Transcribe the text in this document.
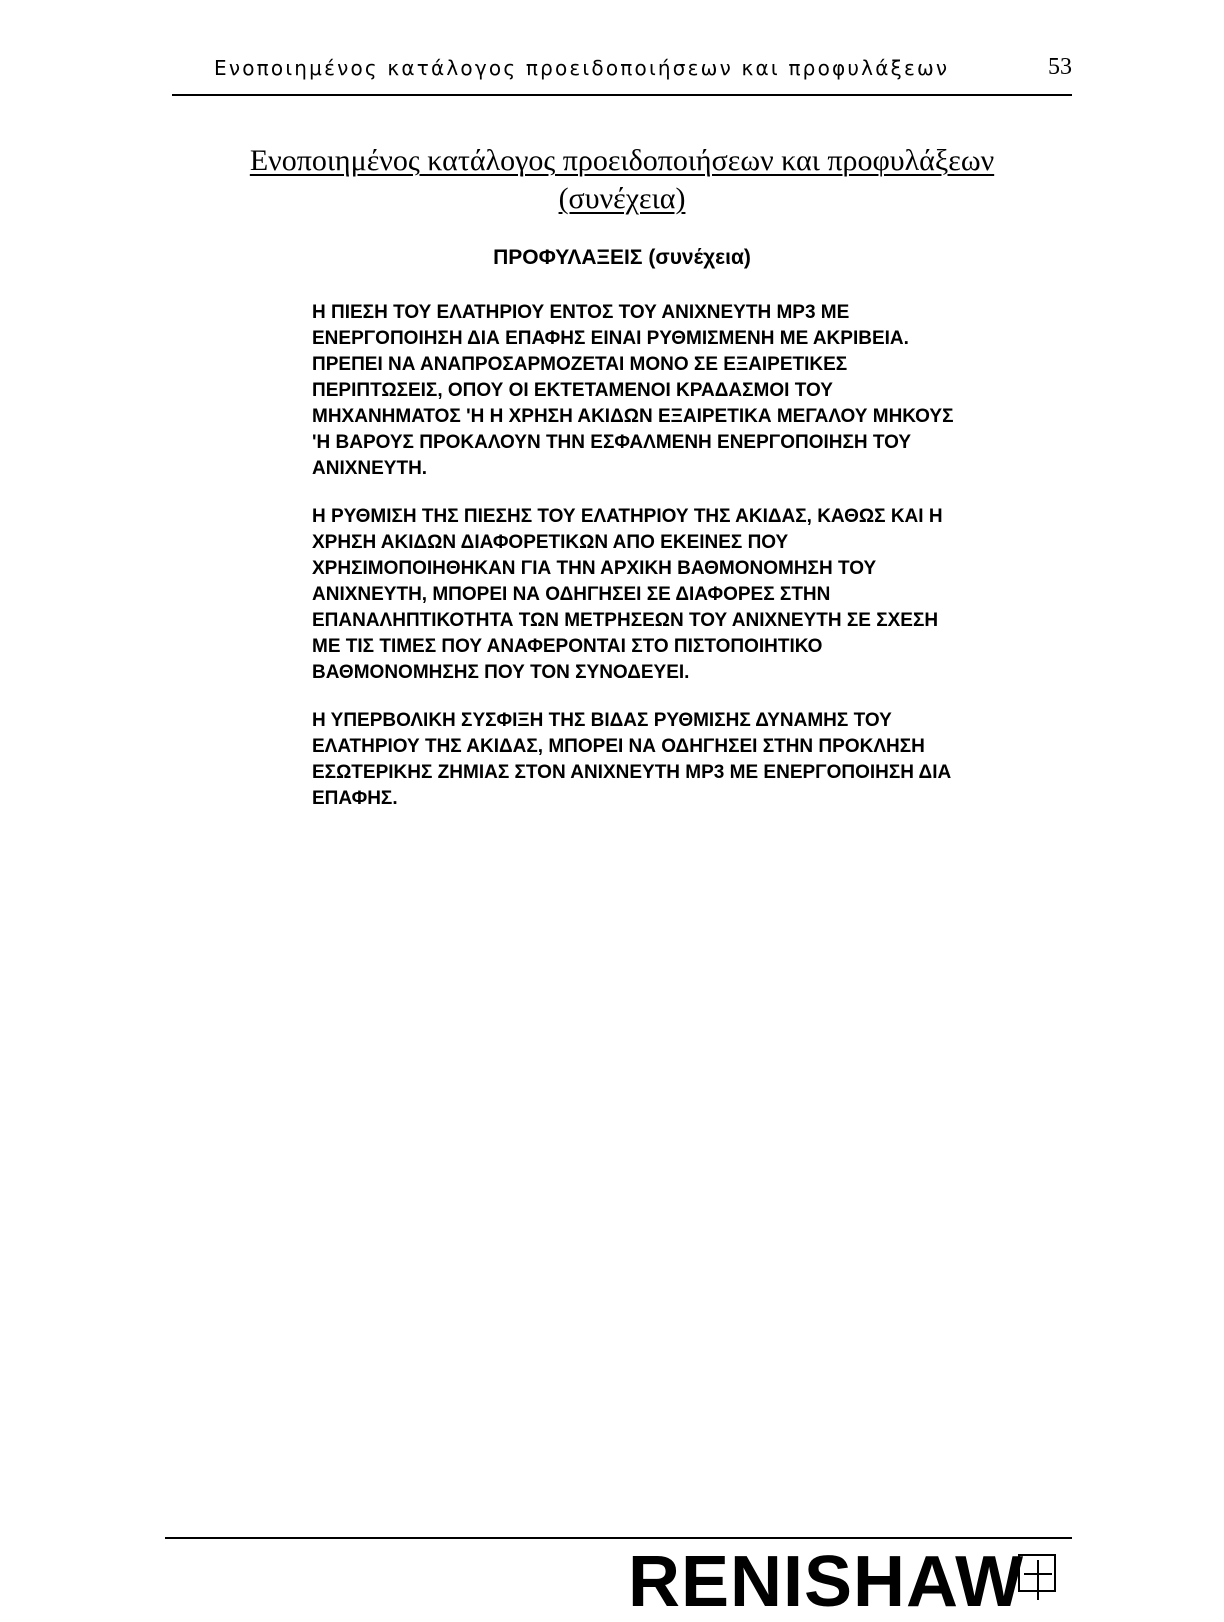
Ενοποιημένος κατάλογος προειδοποιήσεων και προφυλάξεων	53
Ενοποιημένος κατάλογος προειδοποιήσεων και προφυλάξεων
(συνέχεια)
ΠΡΟΦΥΛΑΞΕΙΣ (συνέχεια)

Η ΠΙΕΣΗ ΤΟΥ ΕΛΑΤΗΡΙΟΥ ΕΝΤΟΣ ΤΟΥ ΑΝΙΧΝΕΥΤΗ MP3 ΜΕ
ΕΝΕΡΓΟΠΟΙΗΣΗ ΔΙΑ ΕΠΑΦΗΣ ΕΙΝΑΙ ΡΥΘΜΙΣΜΕΝΗ ΜΕ ΑΚΡΙΒΕΙΑ.
ΠΡΕΠΕΙ ΝΑ ΑΝΑΠΡΟΣΑΡΜΟΖΕΤΑΙ ΜΟΝΟ ΣΕ ΕΞΑΙΡΕΤΙΚΕΣ
ΠΕΡΙΠΤΩΣΕΙΣ, ΟΠΟΥ ΟΙ ΕΚΤΕΤΑΜΕΝΟΙ ΚΡΑΔΑΣΜΟΙ ΤΟΥ
ΜΗΧΑΝΗΜΑΤΟΣ 'Η Η ΧΡΗΣΗ ΑΚΙΔΩΝ ΕΞΑΙΡΕΤΙΚΑ ΜΕΓΑΛΟΥ ΜΗΚΟΥΣ
'Η ΒΑΡΟΥΣ ΠΡΟΚΑΛΟΥΝ ΤΗΝ ΕΣΦΑΛΜΕΝΗ ΕΝΕΡΓΟΠΟΙΗΣΗ ΤΟΥ
ΑΝΙΧΝΕΥΤΗ.

Η ΡΥΘΜΙΣΗ ΤΗΣ ΠΙΕΣΗΣ ΤΟΥ ΕΛΑΤΗΡΙΟΥ ΤΗΣ ΑΚΙΔΑΣ, ΚΑΘΩΣ ΚΑΙ Η
ΧΡΗΣΗ ΑΚΙΔΩΝ ΔΙΑΦΟΡΕΤΙΚΩΝ ΑΠΟ ΕΚΕΙΝΕΣ ΠΟΥ
ΧΡΗΣΙΜΟΠΟΙΗΘΗΚΑΝ ΓΙΑ ΤΗΝ ΑΡΧΙΚΗ ΒΑΘΜΟΝΟΜΗΣΗ ΤΟΥ
ΑΝΙΧΝΕΥΤΗ, ΜΠΟΡΕΙ ΝΑ ΟΔΗΓΗΣΕΙ ΣΕ ΔΙΑΦΟΡΕΣ ΣΤΗΝ
ΕΠΑΝΑΛΗΠΤΙΚΟΤΗΤΑ ΤΩΝ ΜΕΤΡΗΣΕΩΝ ΤΟΥ ΑΝΙΧΝΕΥΤΗ ΣΕ ΣΧΕΣΗ
ΜΕ ΤΙΣ ΤΙΜΕΣ ΠΟΥ ΑΝΑΦΕΡΟΝΤΑΙ ΣΤΟ ΠΙΣΤΟΠΟΙΗΤΙΚΟ
ΒΑΘΜΟΝΟΜΗΣΗΣ ΠΟΥ ΤΟΝ ΣΥΝΟΔΕΥΕΙ.

Η ΥΠΕΡΒΟΛΙΚΗ ΣΥΣΦΙΞΗ ΤΗΣ ΒΙΔΑΣ ΡΥΘΜΙΣΗΣ ΔΥΝΑΜΗΣ ΤΟΥ
ΕΛΑΤΗΡΙΟΥ ΤΗΣ ΑΚΙΔΑΣ, ΜΠΟΡΕΙ ΝΑ ΟΔΗΓΗΣΕΙ ΣΤΗΝ ΠΡΟΚΛΗΣΗ
ΕΣΩΤΕΡΙΚΗΣ ΖΗΜΙΑΣ ΣΤΟΝ ΑΝΙΧΝΕΥΤΗ MP3 ΜΕ ΕΝΕΡΓΟΠΟΙΗΣΗ ΔΙΑ
ΕΠΑΦΗΣ.

RENISHAW
